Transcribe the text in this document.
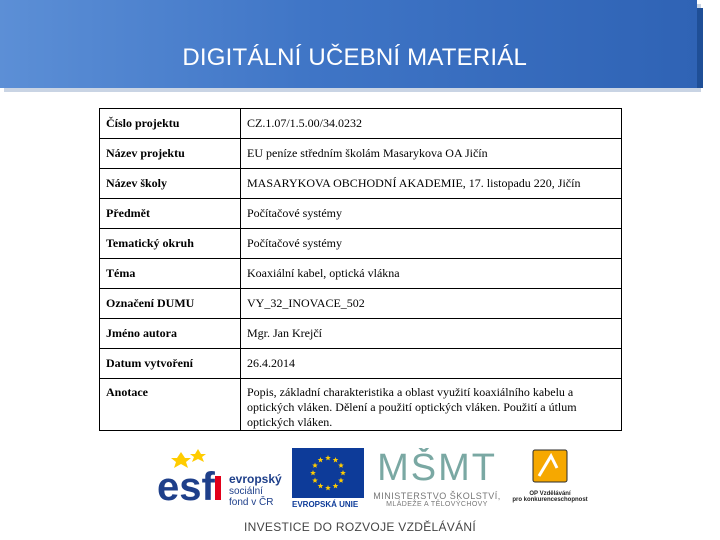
DIGITÁLNÍ UČEBNÍ MATERIÁL
Číslo projektu	CZ.1.07/1.5.00/34.0232
Název projektu	EU peníze středním školám Masarykova OA Jičín
Název školy	MASARYKOVA OBCHODNÍ AKADEMIE, 17. listopadu 220, Jičín
Předmět	Počítačové systémy
Tematický okruh	Počítačové systémy
Téma	Koaxiální kabel, optická vlákna
Označení DUMU	VY_32_INOVACE_502
Jméno autora	Mgr. Jan Krejčí
Datum vytvoření	26.4.2014
Anotace	Popis, základní charakteristika a oblast využití koaxiálního kabelu a optických vláken. Dělení a použití optických vláken. Použití a útlum optických vláken.
esf evropský
sociální
fond v ČR	EVROPSKÁ UNIE
MŠMT
MINISTERSTVO ŠKOLSTVÍ,
MLÁDEŽE A TĚLOVÝCHOVY
OP Vzdělávání
pro konkurenceschopnost
INVESTICE DO ROZVOJE VZDĚLÁVÁNÍ
